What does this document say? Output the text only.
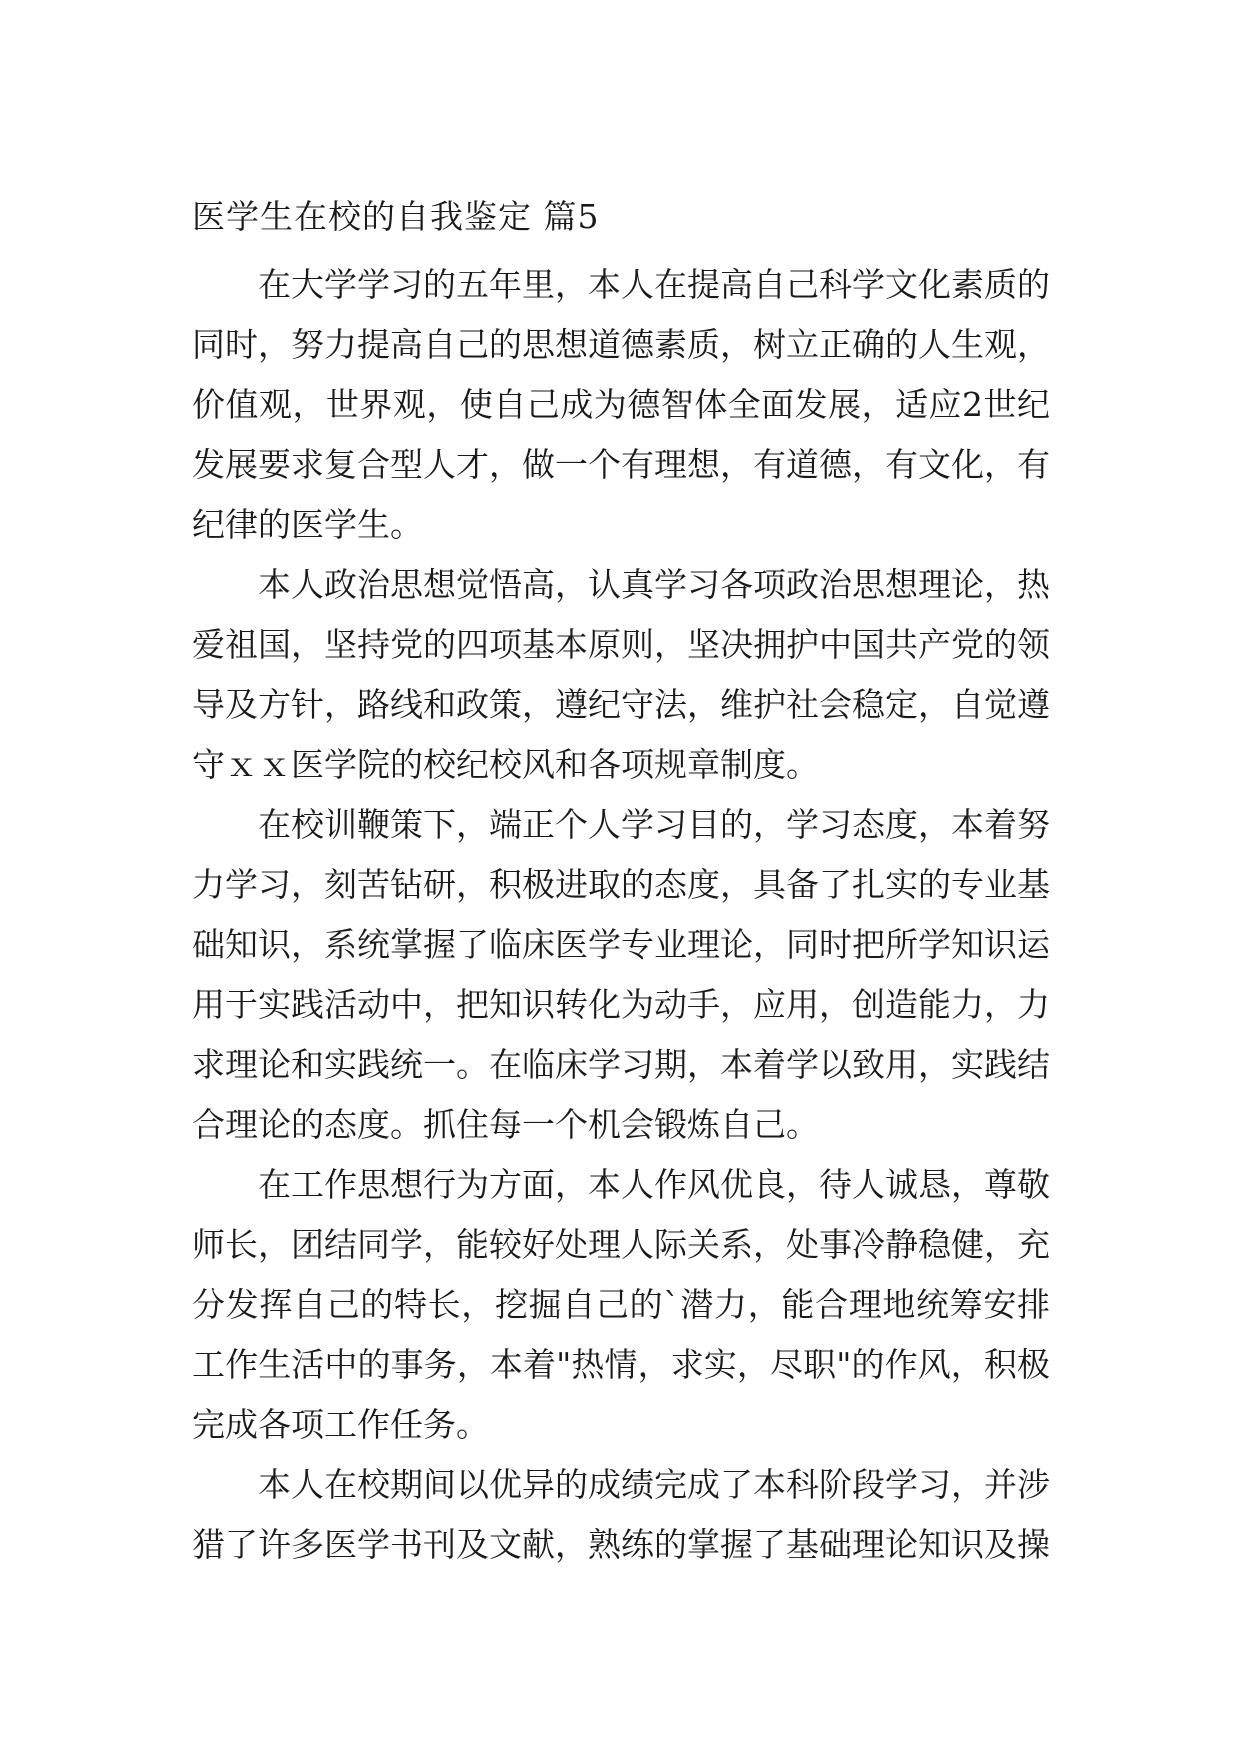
医学生在校的自我鉴定 篇5

在大学学习的五年里，本人在提高自己科学文化素质的同时，努力提高自己的思想道德素质，树立正确的人生观，价值观，世界观，使自己成为德智体全面发展，适应2世纪发展要求复合型人才，做一个有理想，有道德，有文化，有纪律的医学生。

本人政治思想觉悟高，认真学习各项政治思想理论，热爱祖国，坚持党的四项基本原则，坚决拥护中国共产党的领导及方针，路线和政策，遵纪守法，维护社会稳定，自觉遵守ｘｘ医学院的校纪校风和各项规章制度。

在校训鞭策下，端正个人学习目的，学习态度，本着努力学习，刻苦钻研，积极进取的态度，具备了扎实的专业基础知识，系统掌握了临床医学专业理论，同时把所学知识运用于实践活动中，把知识转化为动手，应用，创造能力，力求理论和实践统一。在临床学习期，本着学以致用，实践结合理论的态度。抓住每一个机会锻炼自己。

在工作思想行为方面，本人作风优良，待人诚恳，尊敬师长，团结同学，能较好处理人际关系，处事冷静稳健，充分发挥自己的特长，挖掘自己的`潜力，能合理地统筹安排工作生活中的事务，本着"热情，求实，尽职"的作风，积极完成各项工作任务。

本人在校期间以优异的成绩完成了本科阶段学习，并涉猎了许多医学书刊及文献，熟练的掌握了基础理论知识及操
